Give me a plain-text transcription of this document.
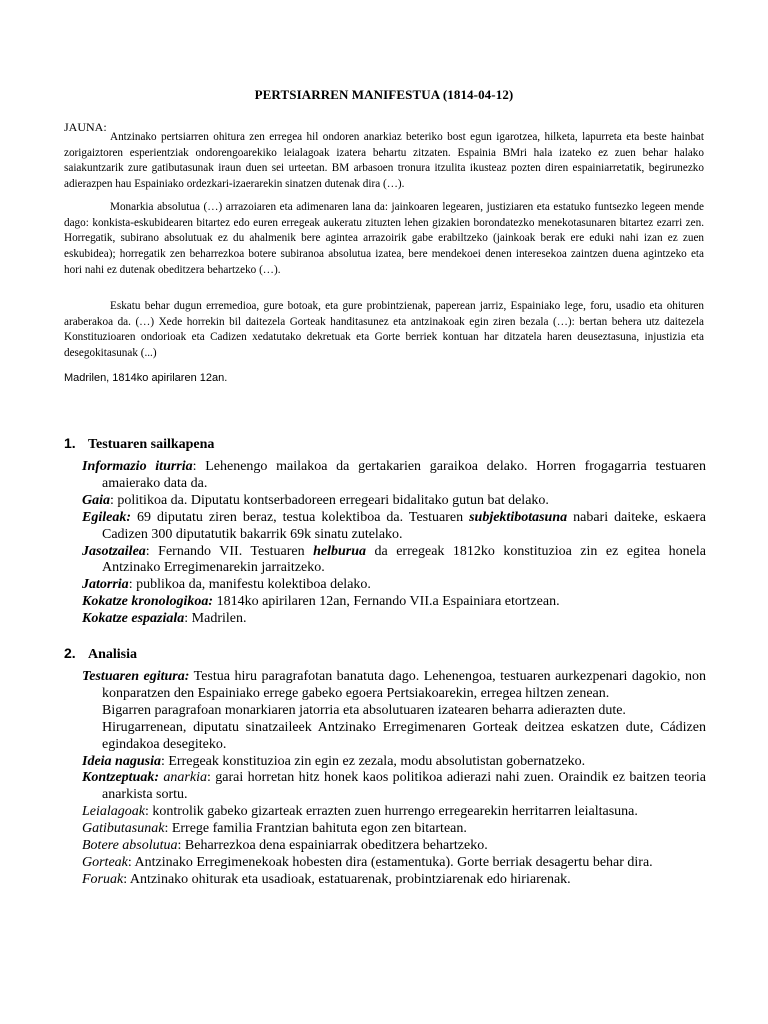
PERTSIARREN MANIFESTUA (1814-04-12)
JAUNA:

Antzinako pertsiarren ohitura zen erregea hil ondoren anarkiaz beteriko bost egun igarotzea, hilketa, lapurreta eta beste hainbat zorigaiztoren esperientziak ondorengoarekiko leialagoak izatera behartu zitzaten. Espainia BMri hala izateko ez zuen behar halako saiakuntzarik zure gatibutasunak iraun duen sei urteetan. BM arbasoen tronura itzulita ikusteaz pozten diren espainiarretatik, begirunezko adierazpen hau Espainiako ordezkari-izaerarekin sinatzen dutenak dira (…).

Monarkia absolutua (…) arrazoiaren eta adimenaren lana da: jainkoaren legearen, justiziaren eta estatuko funtsezko legeen mende dago: konkista-eskubidearen bitartez edo euren erregeak aukeratu zituzten lehen gizakien borondatezko menekotasunaren bitartez ezarri zen. Horregatik, subirano absolutuak ez du ahalmenik bere agintea arrazoirik gabe erabiltzeko (jainkoak berak ere eduki nahi izan ez zuen eskubidea); horregatik zen beharrezkoa botere subiranoa absolutua izatea, bere mendekoei denen interesekoa zaintzen duena agintzeko eta hori nahi ez dutenak obeditzera behartzeko (…).

Eskatu behar dugun erremedioa, gure botoak, eta gure probintzienak, paperean jarriz, Espainiako lege, foru, usadio eta ohituren araberakoa da. (…) Xede horrekin bil daitezela Gorteak handitasunez eta antzinakoak egin ziren bezala (…): bertan behera utz daitezela Konstituzioaren ondorioak eta Cadizen xedatutako dekretuak eta Gorte berriek kontuan har ditzatela haren deuseztasuna, injustizia eta desegokitasunak (...)

Madrilen, 1814ko apirilaren 12an.
1. Testuaren sailkapena

Informazio iturria: Lehenengo mailakoa da gertakarien garaikoa delako. Horren frogagarria testuaren amaierako data da.

Gaia: politikoa da. Diputatu kontserbadoreen erregeari bidalitako gutun bat delako.

Egileak: 69 diputatu ziren beraz, testua kolektiboa da. Testuaren subjektibotasuna nabari daiteke, eskaera Cadizen 300 diputatutik bakarrik 69k sinatu zutelako.

Jasotzailea: Fernando VII. Testuaren helburua da erregeak 1812ko konstituzioa zin ez egitea honela Antzinako Erregimenarekin jarraitzeko.

Jatorria: publikoa da, manifestu kolektiboa delako.

Kokatze kronologikoa: 1814ko apirilaren 12an, Fernando VII.a Espainiara etortzean.

Kokatze espaziala: Madrilen.

2. Analisia

Testuaren egitura: Testua hiru paragrafotan banatuta dago. Lehenengoa, testuaren aurkezpenari dagokio, non konparatzen den Espainiako errege gabeko egoera Pertsiakoarekin, erregea hiltzen zenean.

Bigarren paragrafoan monarkiaren jatorria eta absolutuaren izatearen beharra adierazten dute.

Hirugarrenean, diputatu sinatzaileek Antzinako Erregimenaren Gorteak deitzea eskatzen dute, Cádizen egindakoa desegiteko.

Ideia nagusia: Erregeak konstituzioa zin egin ez zezala, modu absolutistan gobernatzeko.

Kontzeptuak: anarkia: garai horretan hitz honek kaos politikoa adierazi nahi zuen. Oraindik ez baitzen teoria anarkista sortu.

Leialagoak: kontrolik gabeko gizarteak errazten zuen hurrengo erregearekin herritarren leialtasuna.

Gatibutasunak: Errege familia Frantzian bahituta egon zen bitartean.

Botere absolutua: Beharrezkoa dena espainiarrak obeditzera behartzeko.

Gorteak: Antzinako Erregimenekoak hobesten dira (estamentuka). Gorte berriak desagertu behar dira.

Foruak: Antzinako ohiturak eta usadioak, estatuarenak, probintziarenak edo hiriarenak.
